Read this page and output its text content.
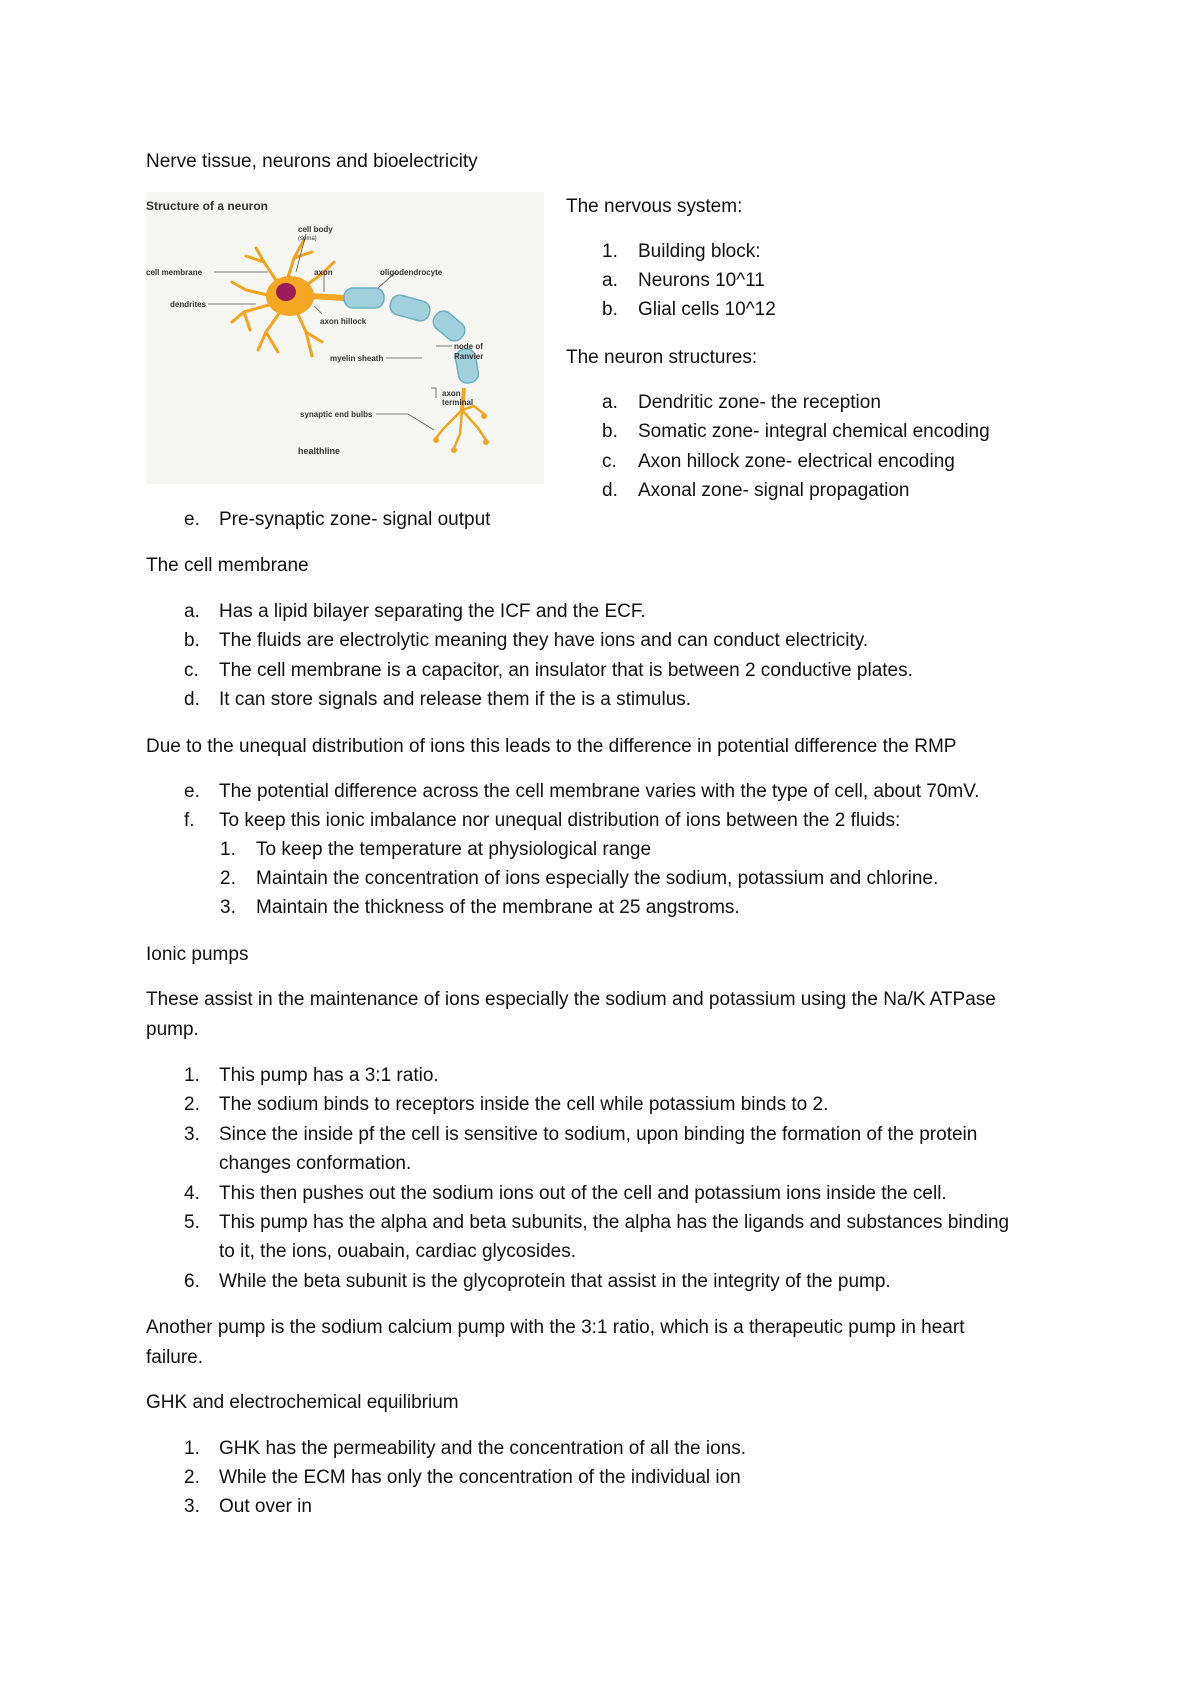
Nerve tissue, neurons and bioelectricity
Structure of a neuron
cell body
(soma)
cell membrane	axon	oligodendrocyte
dendrites
axon hillock
node of
Ranvier
myelin sheath
axon
terminal
synaptic end bulbs
healthline
The nervous system:
1. Building block:
a. Neurons 10^11
b. Glial cells 10^12
The neuron structures:
a. Dendritic zone- the reception
b. Somatic zone- integral chemical encoding
c. Axon hillock zone- electrical encoding
d. Axonal zone- signal propagation
e. Pre-synaptic zone- signal output
The cell membrane
a. Has a lipid bilayer separating the ICF and the ECF.
b. The fluids are electrolytic meaning they have ions and can conduct electricity.
c. The cell membrane is a capacitor, an insulator that is between 2 conductive plates.
d. It can store signals and release them if the is a stimulus.
Due to the unequal distribution of ions this leads to the difference in potential difference the RMP
e. The potential difference across the cell membrane varies with the type of cell, about 70mV.
f. To keep this ionic imbalance nor unequal distribution of ions between the 2 fluids:
1. To keep the temperature at physiological range
2. Maintain the concentration of ions especially the sodium, potassium and chlorine.
3. Maintain the thickness of the membrane at 25 angstroms.
Ionic pumps
These assist in the maintenance of ions especially the sodium and potassium using the Na/K ATPase
pump.
1. This pump has a 3:1 ratio.
2. The sodium binds to receptors inside the cell while potassium binds to 2.
3. Since the inside pf the cell is sensitive to sodium, upon binding the formation of the protein
changes conformation.
4. This then pushes out the sodium ions out of the cell and potassium ions inside the cell.
5. This pump has the alpha and beta subunits, the alpha has the ligands and substances binding
to it, the ions, ouabain, cardiac glycosides.
6. While the beta subunit is the glycoprotein that assist in the integrity of the pump.
Another pump is the sodium calcium pump with the 3:1 ratio, which is a therapeutic pump in heart
failure.
GHK and electrochemical equilibrium
1. GHK has the permeability and the concentration of all the ions.
2. While the ECM has only the concentration of the individual ion
3. Out over in
